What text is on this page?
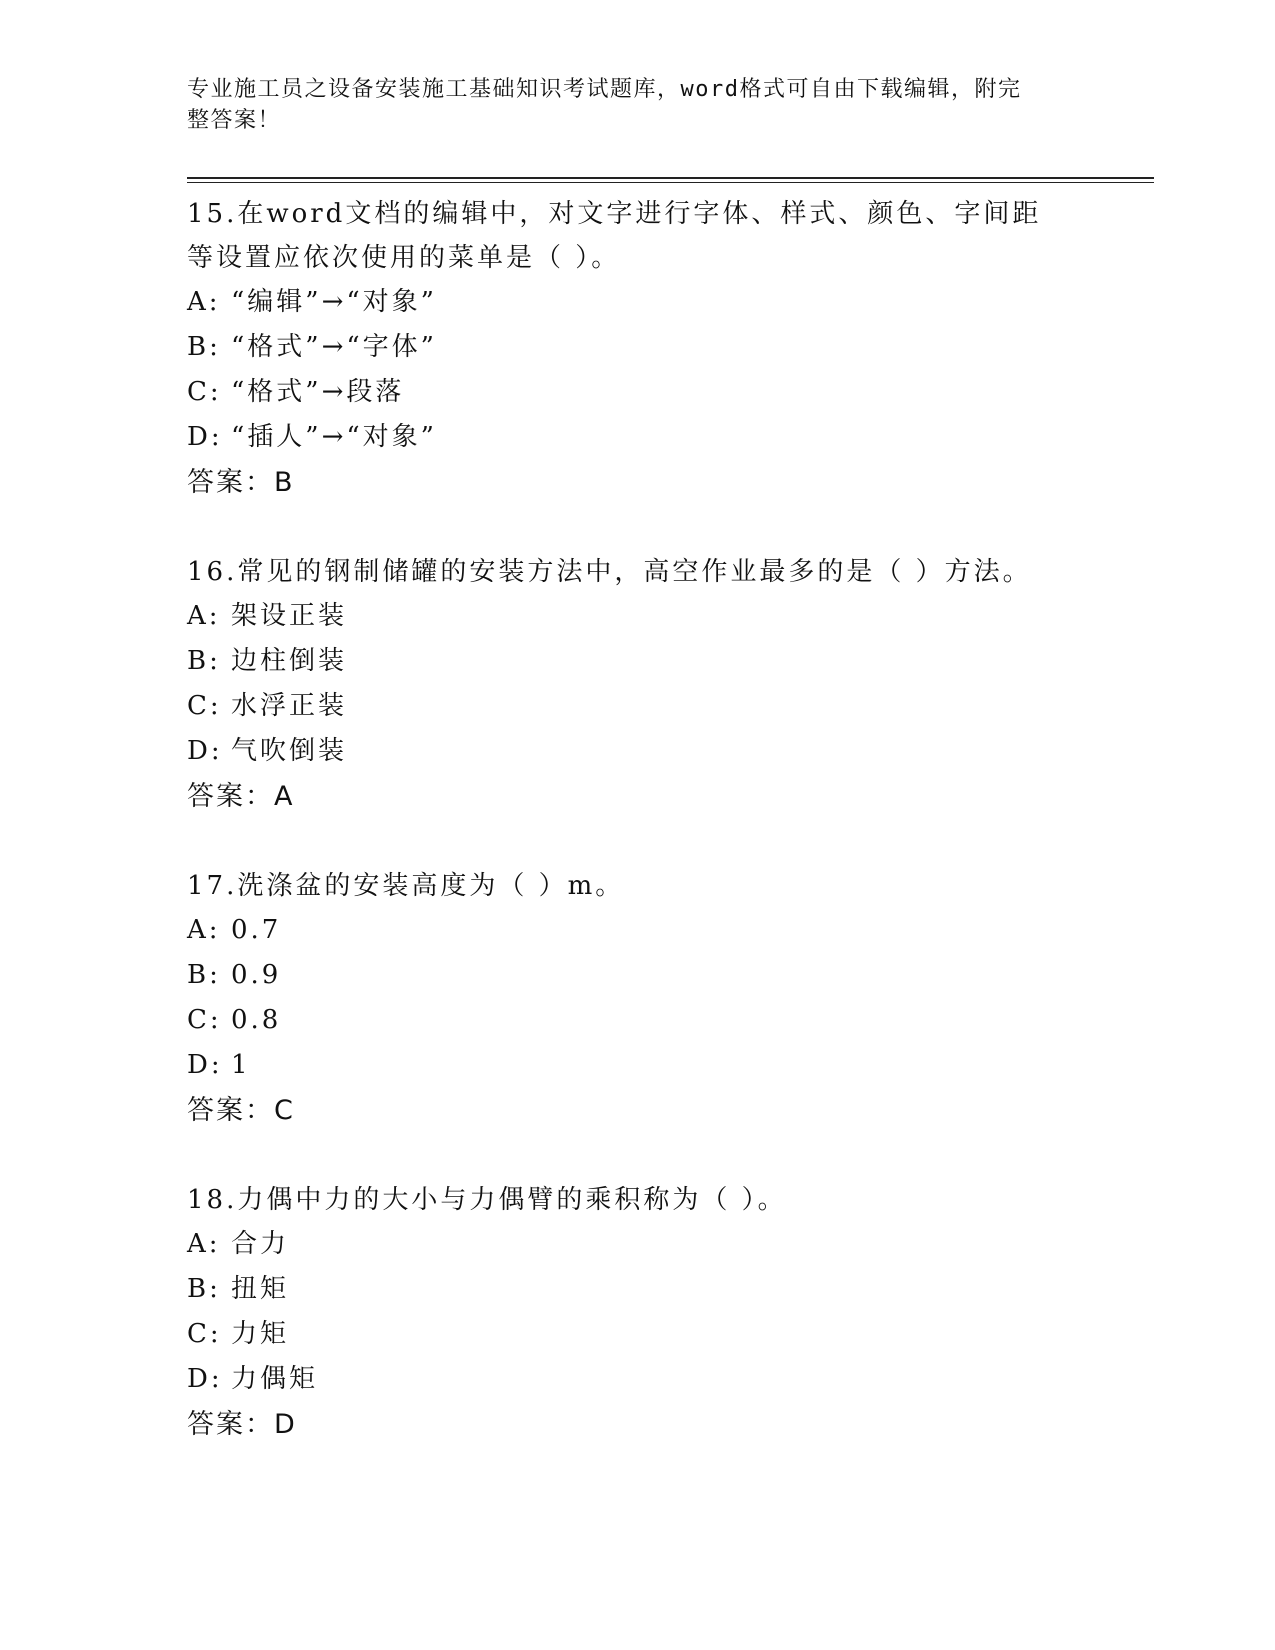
专业施工员之设备安装施工基础知识考试题库，word格式可自由下载编辑，附完
整答案！
15.在word文档的编辑中，对文字进行字体、样式、颜色、字间距等设置应依次使用的菜单是（ ）。
A: “编辑”→“对象”
B: “格式”→“字体”
C: “格式”→段落
D: “插人”→“对象”
答案：B
16.常见的钢制储罐的安装方法中，高空作业最多的是（ ）方法。
A: 架设正装
B: 边柱倒装
C: 水浮正装
D: 气吹倒装
答案：A
17.洗涤盆的安装高度为（ ）m。
A: 0.7
B: 0.9
C: 0.8
D: 1
答案：C
18.力偶中力的大小与力偶臂的乘积称为（ ）。
A: 合力
B: 扭矩
C: 力矩
D: 力偶矩
答案：D
